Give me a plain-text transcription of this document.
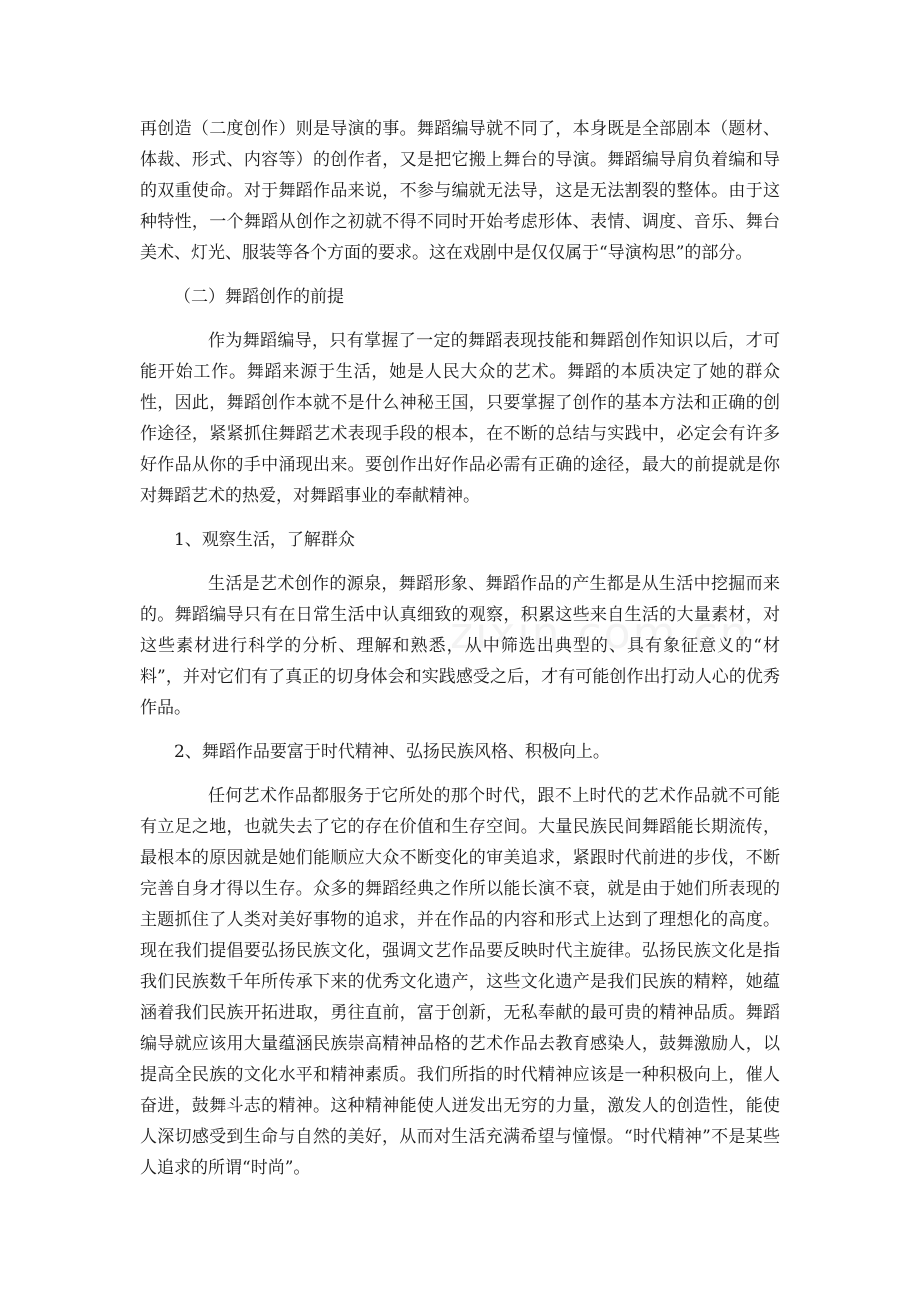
再创造（二度创作）则是导演的事。舞蹈编导就不同了，本身既是全部剧本（题材、体裁、形式、内容等）的创作者，又是把它搬上舞台的导演。舞蹈编导肩负着编和导的双重使命。对于舞蹈作品来说，不参与编就无法导，这是无法割裂的整体。由于这种特性，一个舞蹈从创作之初就不得不同时开始考虑形体、表情、调度、音乐、舞台美术、灯光、服装等各个方面的要求。这在戏剧中是仅仅属于“导演构思”的部分。

（二）舞蹈创作的前提

作为舞蹈编导，只有掌握了一定的舞蹈表现技能和舞蹈创作知识以后，才可能开始工作。舞蹈来源于生活，她是人民大众的艺术。舞蹈的本质决定了她的群众性，因此，舞蹈创作本就不是什么神秘王国，只要掌握了创作的基本方法和正确的创作途径，紧紧抓住舞蹈艺术表现手段的根本，在不断的总结与实践中，必定会有许多好作品从你的手中涌现出来。要创作出好作品必需有正确的途径，最大的前提就是你对舞蹈艺术的热爱，对舞蹈事业的奉献精神。

1、观察生活，了解群众

生活是艺术创作的源泉，舞蹈形象、舞蹈作品的产生都是从生活中挖掘而来的。舞蹈编导只有在日常生活中认真细致的观察，积累这些来自生活的大量素材，对这些素材进行科学的分析、理解和熟悉，从中筛选出典型的、具有象征意义的“材料”，并对它们有了真正的切身体会和实践感受之后，才有可能创作出打动人心的优秀作品。

2、舞蹈作品要富于时代精神、弘扬民族风格、积极向上。

任何艺术作品都服务于它所处的那个时代，跟不上时代的艺术作品就不可能有立足之地，也就失去了它的存在价值和生存空间。大量民族民间舞蹈能长期流传，最根本的原因就是她们能顺应大众不断变化的审美追求，紧跟时代前进的步伐，不断完善自身才得以生存。众多的舞蹈经典之作所以能长演不衰，就是由于她们所表现的主题抓住了人类对美好事物的追求，并在作品的内容和形式上达到了理想化的高度。现在我们提倡要弘扬民族文化，强调文艺作品要反映时代主旋律。弘扬民族文化是指我们民族数千年所传承下来的优秀文化遗产，这些文化遗产是我们民族的精粹，她蕴涵着我们民族开拓进取，勇往直前，富于创新，无私奉献的最可贵的精神品质。舞蹈编导就应该用大量蕴涵民族崇高精神品格的艺术作品去教育感染人，鼓舞激励人，以提高全民族的文化水平和精神素质。我们所指的时代精神应该是一种积极向上，催人奋进，鼓舞斗志的精神。这种精神能使人迸发出无穷的力量，激发人的创造性，能使人深切感受到生命与自然的美好，从而对生活充满希望与憧憬。“时代精神”不是某些人追求的所谓“时尚”。
